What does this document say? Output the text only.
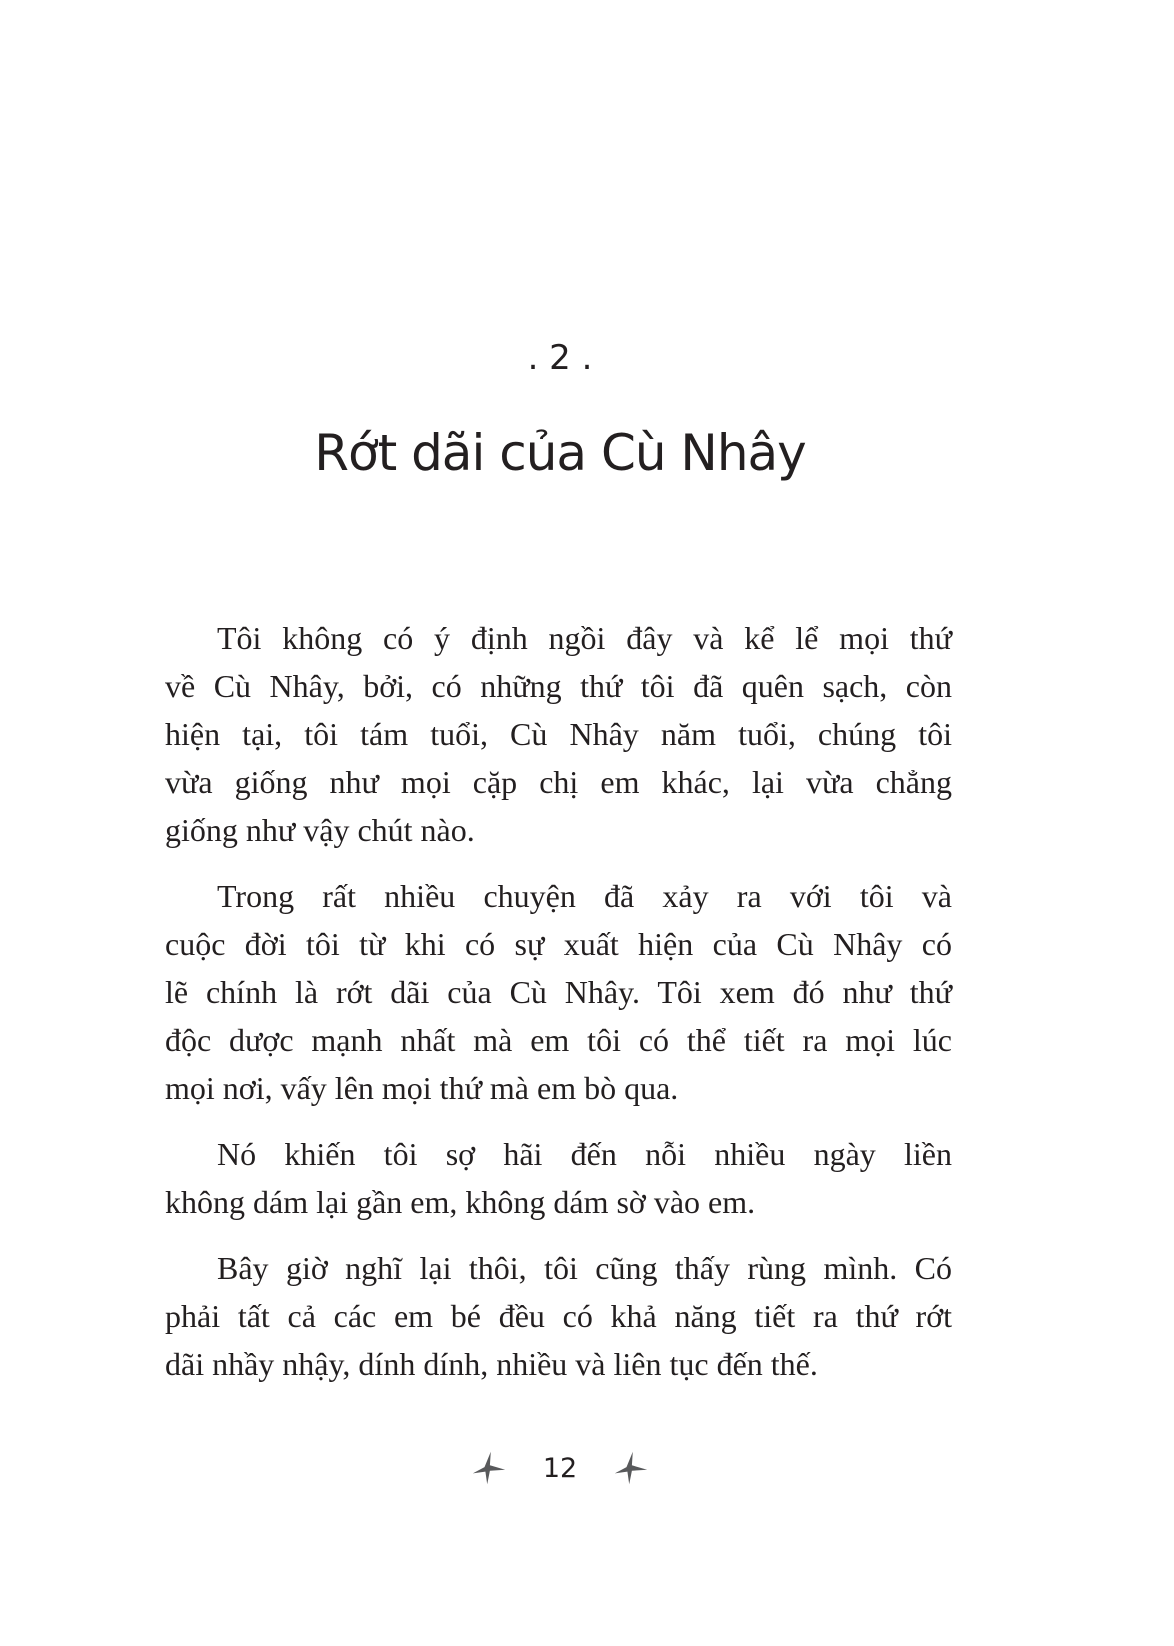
. 2 .
Rớt dãi của Cù Nhây
Tôi không có ý định ngồi đây và kể lể mọi thứ
về Cù Nhây, bởi, có những thứ tôi đã quên sạch, còn
hiện tại, tôi tám tuổi, Cù Nhây năm tuổi, chúng tôi
vừa giống như mọi cặp chị em khác, lại vừa chẳng
giống như vậy chút nào.
Trong rất nhiều chuyện đã xảy ra với tôi và
cuộc đời tôi từ khi có sự xuất hiện của Cù Nhây có
lẽ chính là rớt dãi của Cù Nhây. Tôi xem đó như thứ
độc dược mạnh nhất mà em tôi có thể tiết ra mọi lúc
mọi nơi, vấy lên mọi thứ mà em bò qua.
Nó khiến tôi sợ hãi đến nỗi nhiều ngày liền
không dám lại gần em, không dám sờ vào em.
Bây giờ nghĩ lại thôi, tôi cũng thấy rùng mình. Có
phải tất cả các em bé đều có khả năng tiết ra thứ rớt
dãi nhầy nhậy, dính dính, nhiều và liên tục đến thế.
12
